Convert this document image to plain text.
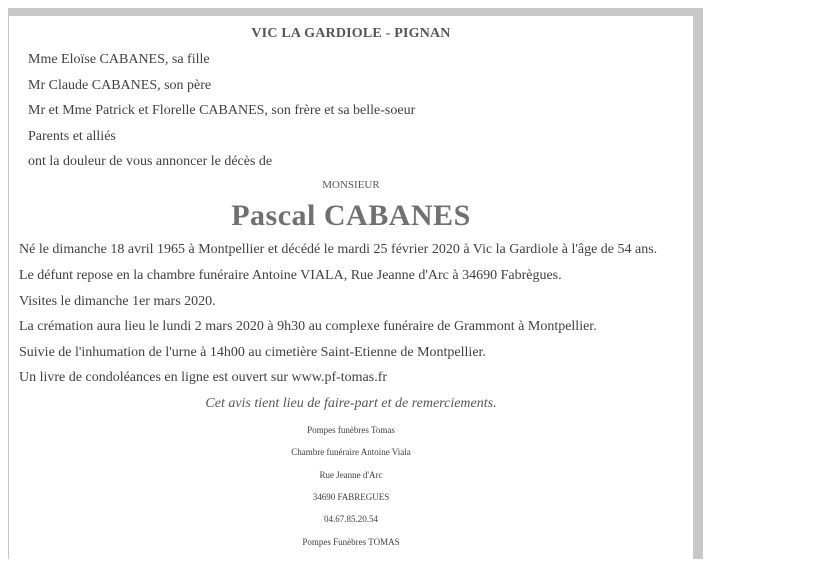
VIC LA GARDIOLE - PIGNAN
Mme Eloïse CABANES, sa fille
Mr Claude CABANES, son père
Mr et Mme Patrick et Florelle CABANES, son frère et sa belle-soeur
Parents et alliés
ont la douleur de vous annoncer le décès de
MONSIEUR
Pascal CABANES
Né le dimanche 18 avril 1965 à Montpellier et décédé le mardi 25 février 2020 à Vic la Gardiole à l'âge de 54 ans.
Le défunt repose en la chambre funéraire Antoine VIALA, Rue Jeanne d'Arc à 34690 Fabrègues.
Visites le dimanche 1er mars 2020.
La crémation aura lieu le lundi 2 mars 2020 à 9h30 au complexe funéraire de Grammont à Montpellier.
Suivie de l'inhumation de l'urne à 14h00 au cimetière Saint-Etienne de Montpellier.
Un livre de condoléances en ligne est ouvert sur www.pf-tomas.fr
Cet avis tient lieu de faire-part et de remerciements.
Pompes funèbres Tomas
Chambre funéraire Antoine Viala
Rue Jeanne d'Arc
34690 FABREGUES
04.67.85.20.54
Pompes Funèbres TOMAS
